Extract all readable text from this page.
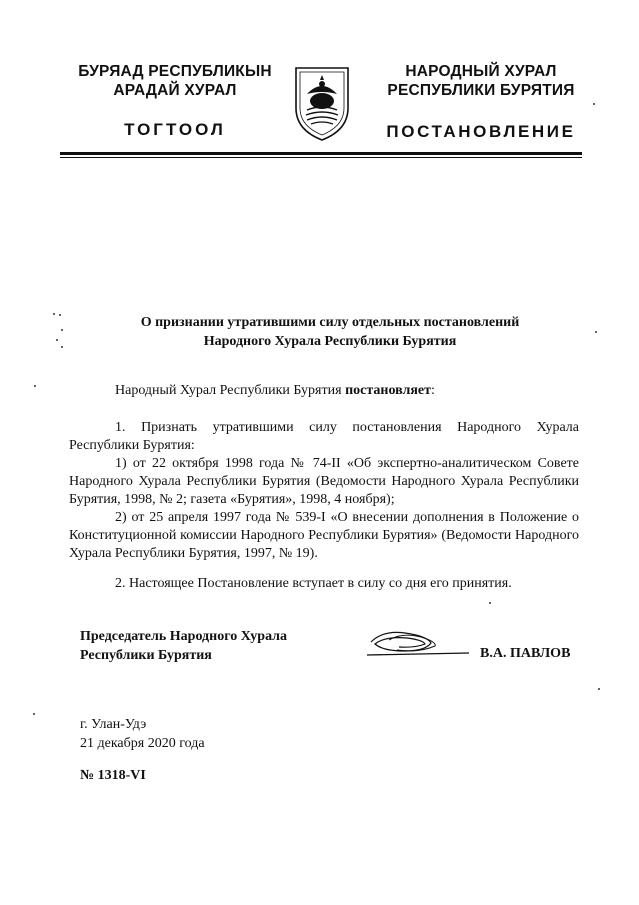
БУРЯАД РЕСПУБЛИКЫН
АРАДАЙ ХУРАЛ
ТОГТООЛ
НАРОДНЫЙ ХУРАЛ
РЕСПУБЛИКИ БУРЯТИЯ
ПОСТАНОВЛЕНИЕ
О признании утратившими силу отдельных постановлений
Народного Хурала Республики Бурятия

Народный Хурал Республики Бурятия постановляет:

1. Признать утратившими силу постановления Народного Хурала Республики Бурятия:

1) от 22 октября 1998 года № 74-II «Об экспертно-аналитическом Совете Народного Хурала Республики Бурятия (Ведомости Народного Хурала Республики Бурятия, 1998, № 2; газета «Бурятия», 1998, 4 ноября);

2) от 25 апреля 1997 года № 539-I «О внесении дополнения в Положение о Конституционной комиссии Народного Республики Бурятия» (Ведомости Народного Хурала Республики Бурятия, 1997, № 19).

2. Настоящее Постановление вступает в силу со дня его принятия.

Председатель Народного Хурала
Республики Бурятия	В.А. ПАВЛОВ
г. Улан-Удэ
21 декабря 2020 года
№ 1318-VI
